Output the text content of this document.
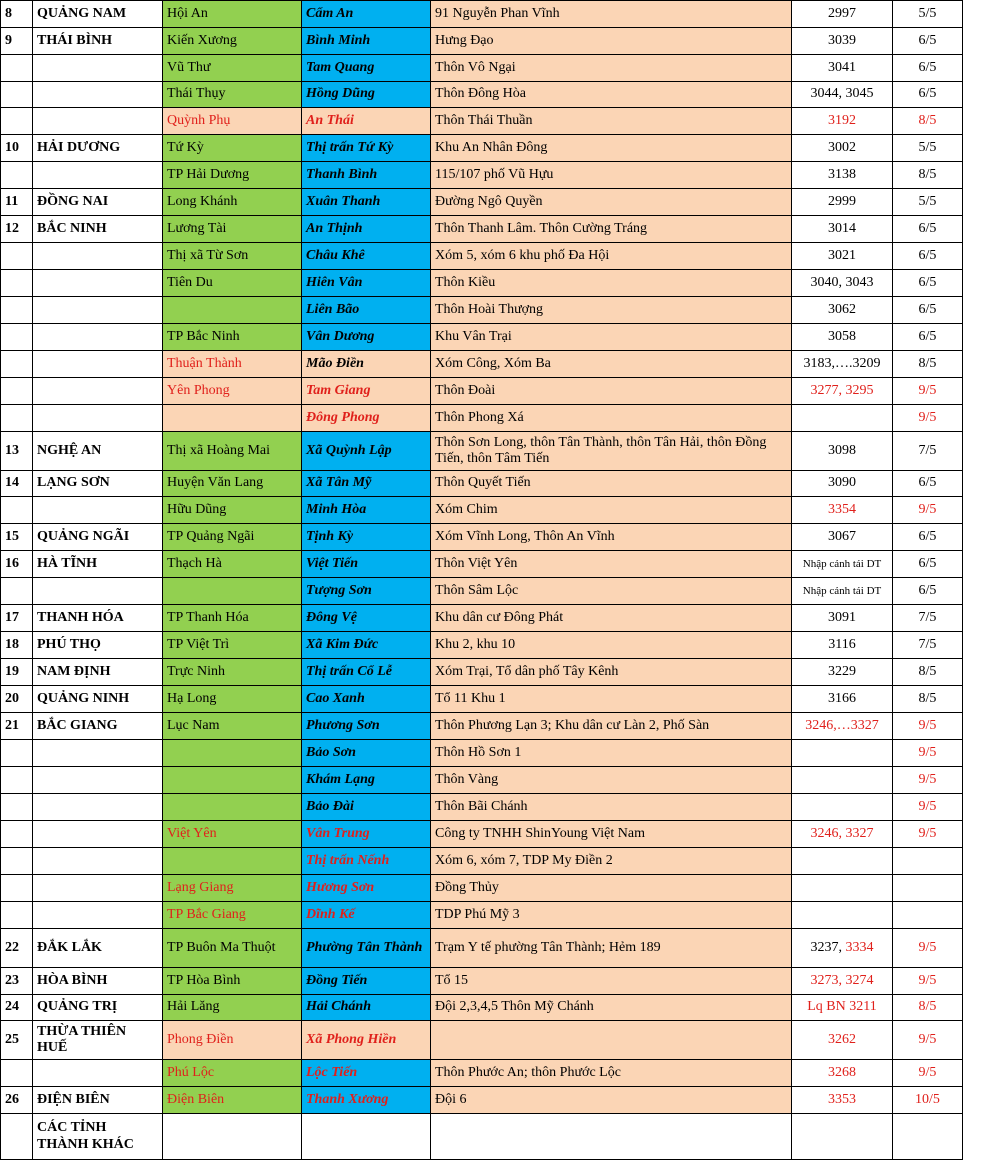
8	QUẢNG NAM	Hội An	Cẩm An	91 Nguyễn Phan Vĩnh	2997	5/5
9	THÁI BÌNH	Kiến Xương	Bình Minh	Hưng Đạo	3039	6/5
		Vũ Thư	Tam Quang	Thôn Vô Ngại	3041	6/5
		Thái Thụy	Hồng Dũng	Thôn Đông Hòa	3044, 3045	6/5
		Quỳnh Phụ	An Thái	Thôn Thái Thuần	3192	8/5
10	HẢI DƯƠNG	Tứ Kỳ	Thị trấn Tứ Kỳ	Khu An Nhân Đông	3002	5/5
		TP Hải Dương	Thanh Bình	115/107 phố Vũ Hựu	3138	8/5
11	ĐỒNG NAI	Long Khánh	Xuân Thanh	Đường Ngô Quyền	2999	5/5
12	BẮC NINH	Lương Tài	An Thịnh	Thôn Thanh Lâm. Thôn Cường Tráng	3014	6/5
		Thị xã Từ Sơn	Châu Khê	Xóm 5, xóm 6 khu phố Đa Hội	3021	6/5
		Tiên Du	Hiên Vân	Thôn Kiều	3040, 3043	6/5
			Liên Bão	Thôn Hoài Thượng	3062	6/5
		TP Bắc Ninh	Vân Dương	Khu Vân Trại	3058	6/5
		Thuận Thành	Mão Điền	Xóm Công, Xóm Ba	3183,….3209	8/5
		Yên Phong	Tam Giang	Thôn Đoài	3277, 3295	9/5
			Đông Phong	Thôn Phong Xá		9/5
13	NGHỆ AN	Thị xã Hoàng Mai	Xã Quỳnh Lập	Thôn Sơn Long, thôn Tân Thành, thôn Tân Hải, thôn Đồng Tiến, thôn Tâm Tiến	3098	7/5
14	LẠNG SƠN	Huyện Văn Lang	Xã Tân Mỹ	Thôn Quyết Tiến	3090	6/5
		Hữu Dũng	Minh Hòa	Xóm Chim	3354	9/5
15	QUẢNG NGÃI	TP Quảng Ngãi	Tịnh Kỳ	Xóm Vĩnh Long, Thôn An Vĩnh	3067	6/5
16	HÀ TĨNH	Thạch Hà	Việt Tiến	Thôn Việt Yên	Nhập cảnh tái DT	6/5
			Tượng Sơn	Thôn Sâm Lộc	Nhập cảnh tái DT	6/5
17	THANH HÓA	TP Thanh Hóa	Đông Vệ	Khu dân cư Đông Phát	3091	7/5
18	PHÚ THỌ	TP Việt Trì	Xã Kim Đức	Khu 2, khu 10	3116	7/5
19	NAM ĐỊNH	Trực Ninh	Thị trấn Cổ Lễ	Xóm Trại, Tổ dân phố Tây Kênh	3229	8/5
20	QUẢNG NINH	Hạ Long	Cao Xanh	Tổ 11 Khu 1	3166	8/5
21	BẮC GIANG	Lục Nam	Phương Sơn	Thôn Phương Lạn 3; Khu dân cư Làn 2, Phố Sàn	3246,…3327	9/5
			Bảo Sơn	Thôn Hồ Sơn 1		9/5
			Khám Lạng	Thôn Vàng		9/5
			Bảo Đài	Thôn Bãi Chánh		9/5
		Việt Yên	Vân Trung	Công ty TNHH ShinYoung Việt Nam	3246, 3327	9/5
			Thị trấn Nếnh	Xóm 6, xóm 7, TDP My Điền 2		
		Lạng Giang	Hương Sơn	Đồng Thủy		
		TP Bắc Giang	Dĩnh Kế	TDP Phú Mỹ 3		
22	ĐẮK LẮK	TP Buôn Ma Thuột	Phường Tân Thành	Trạm Y tế phường Tân Thành; Hẻm 189	3237, 3334	9/5
23	HÒA BÌNH	TP Hòa Bình	Đồng Tiến	Tổ 15	3273, 3274	9/5
24	QUẢNG TRỊ	Hải Lăng	Hải Chánh	Đội 2,3,4,5 Thôn Mỹ Chánh	Lq BN 3211	8/5
25	THỪA THIÊN HUẾ	Phong Điền	Xã Phong Hiền		3262	9/5
		Phú Lộc	Lộc Tiến	Thôn Phước An; thôn Phước Lộc	3268	9/5
26	ĐIỆN BIÊN	Điện Biên	Thanh Xương	Đội 6	3353	10/5
	CÁC TỈNH THÀNH KHÁC					
